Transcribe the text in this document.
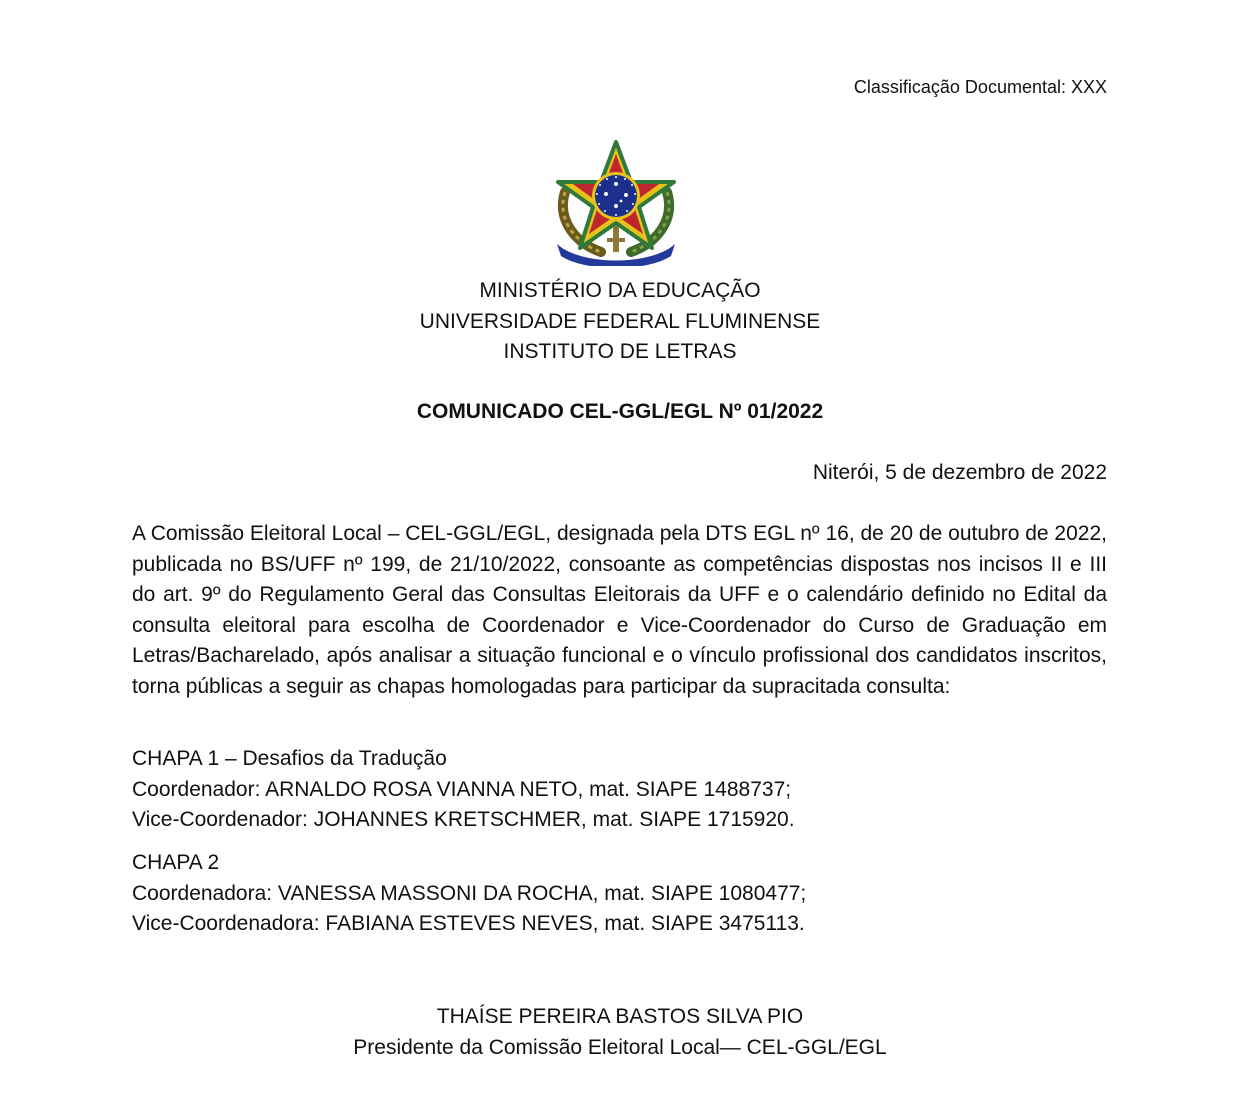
Classificação Documental: XXX
MINISTÉRIO DA EDUCAÇÃO
UNIVERSIDADE FEDERAL FLUMINENSE
INSTITUTO DE LETRAS
COMUNICADO CEL-GGL/EGL Nº 01/2022
Niterói, 5 de dezembro de 2022

A Comissão Eleitoral Local – CEL-GGL/EGL, designada pela DTS EGL nº 16, de 20 de outubro de 2022, publicada no BS/UFF nº 199, de 21/10/2022, consoante as competências dispostas nos incisos II e III do art. 9º do Regulamento Geral das Consultas Eleitorais da UFF e o calendário definido no Edital da consulta eleitoral para escolha de Coordenador e Vice-Coordenador do Curso de Graduação em Letras/Bacharelado, após analisar a situação funcional e o vínculo profissional dos candidatos inscritos, torna públicas a seguir as chapas homologadas para participar da supracitada consulta:

CHAPA 1 – Desafios da Tradução
Coordenador: ARNALDO ROSA VIANNA NETO, mat. SIAPE 1488737;
Vice-Coordenador: JOHANNES KRETSCHMER, mat. SIAPE 1715920.
CHAPA 2
Coordenadora: VANESSA MASSONI DA ROCHA, mat. SIAPE 1080477;
Vice-Coordenadora: FABIANA ESTEVES NEVES, mat. SIAPE 3475113.
THAÍSE PEREIRA BASTOS SILVA PIO
Presidente da Comissão Eleitoral Local— CEL-GGL/EGL
